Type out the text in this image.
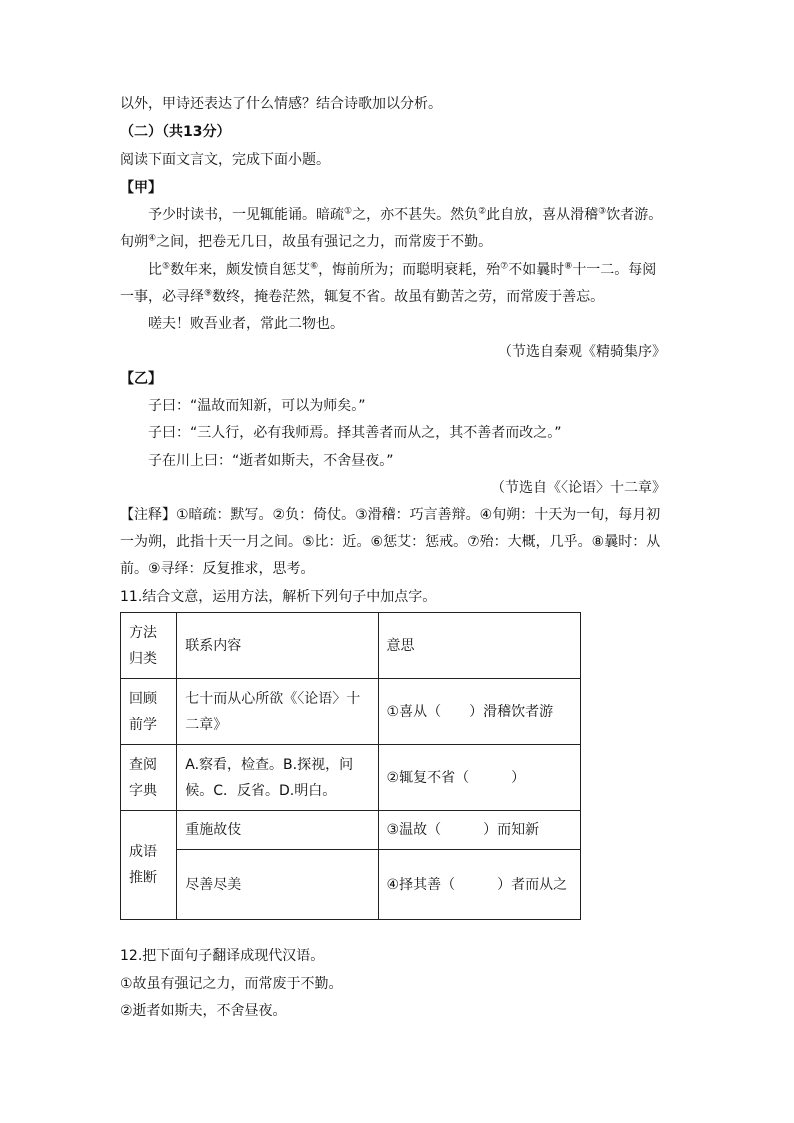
以外，甲诗还表达了什么情感？结合诗歌加以分析。
（二）（共13分）
阅读下面文言文，完成下面小题。
【甲】
予少时读书，一见辄能诵。暗疏①之，亦不甚失。然负②此自放，喜从滑稽③饮者游。
旬朔④之间，把卷无几日，故虽有强记之力，而常废于不勤。
比⑤数年来，颇发愤自惩艾⑥，悔前所为；而聪明衰耗，殆⑦不如曩时⑧十一二。每阅
一事，必寻绎⑨数终，掩卷茫然，辄复不省。故虽有勤苦之劳，而常废于善忘。
嗟夫！败吾业者，常此二物也。
（节选自秦观《精骑集序》
【乙】
子曰：“温故而知新，可以为师矣。”
子曰：“三人行，必有我师焉。择其善者而从之，其不善者而改之。”
子在川上曰：“逝者如斯夫，不舍昼夜。”
（节选自《〈论语〉十二章》
【注释】①暗疏：默写。②负：倚仗。③滑稽：巧言善辩。④旬朔：十天为一旬，每月初
一为朔，此指十天一月之间。⑤比：近。⑥惩艾：惩戒。⑦殆：大概，几乎。⑧曩时：从
前。⑨寻绎：反复推求，思考。
11.结合文意，运用方法，解析下列句子中加点字。
方法归类	联系内容	意思
回顾前学	七十而从心所欲《〈论语〉十二章》	①喜从（　　）滑稽饮者游
查阅字典	A.察看，检查。B.探视，问候。C．反省。D.明白。	②辄复不省（　　　）
成语推断	重施故伎	③温故（　　　）而知新
	尽善尽美	④择其善（　　　）者而从之
12.把下面句子翻译成现代汉语。
①故虽有强记之力，而常废于不勤。
②逝者如斯夫，不舍昼夜。
